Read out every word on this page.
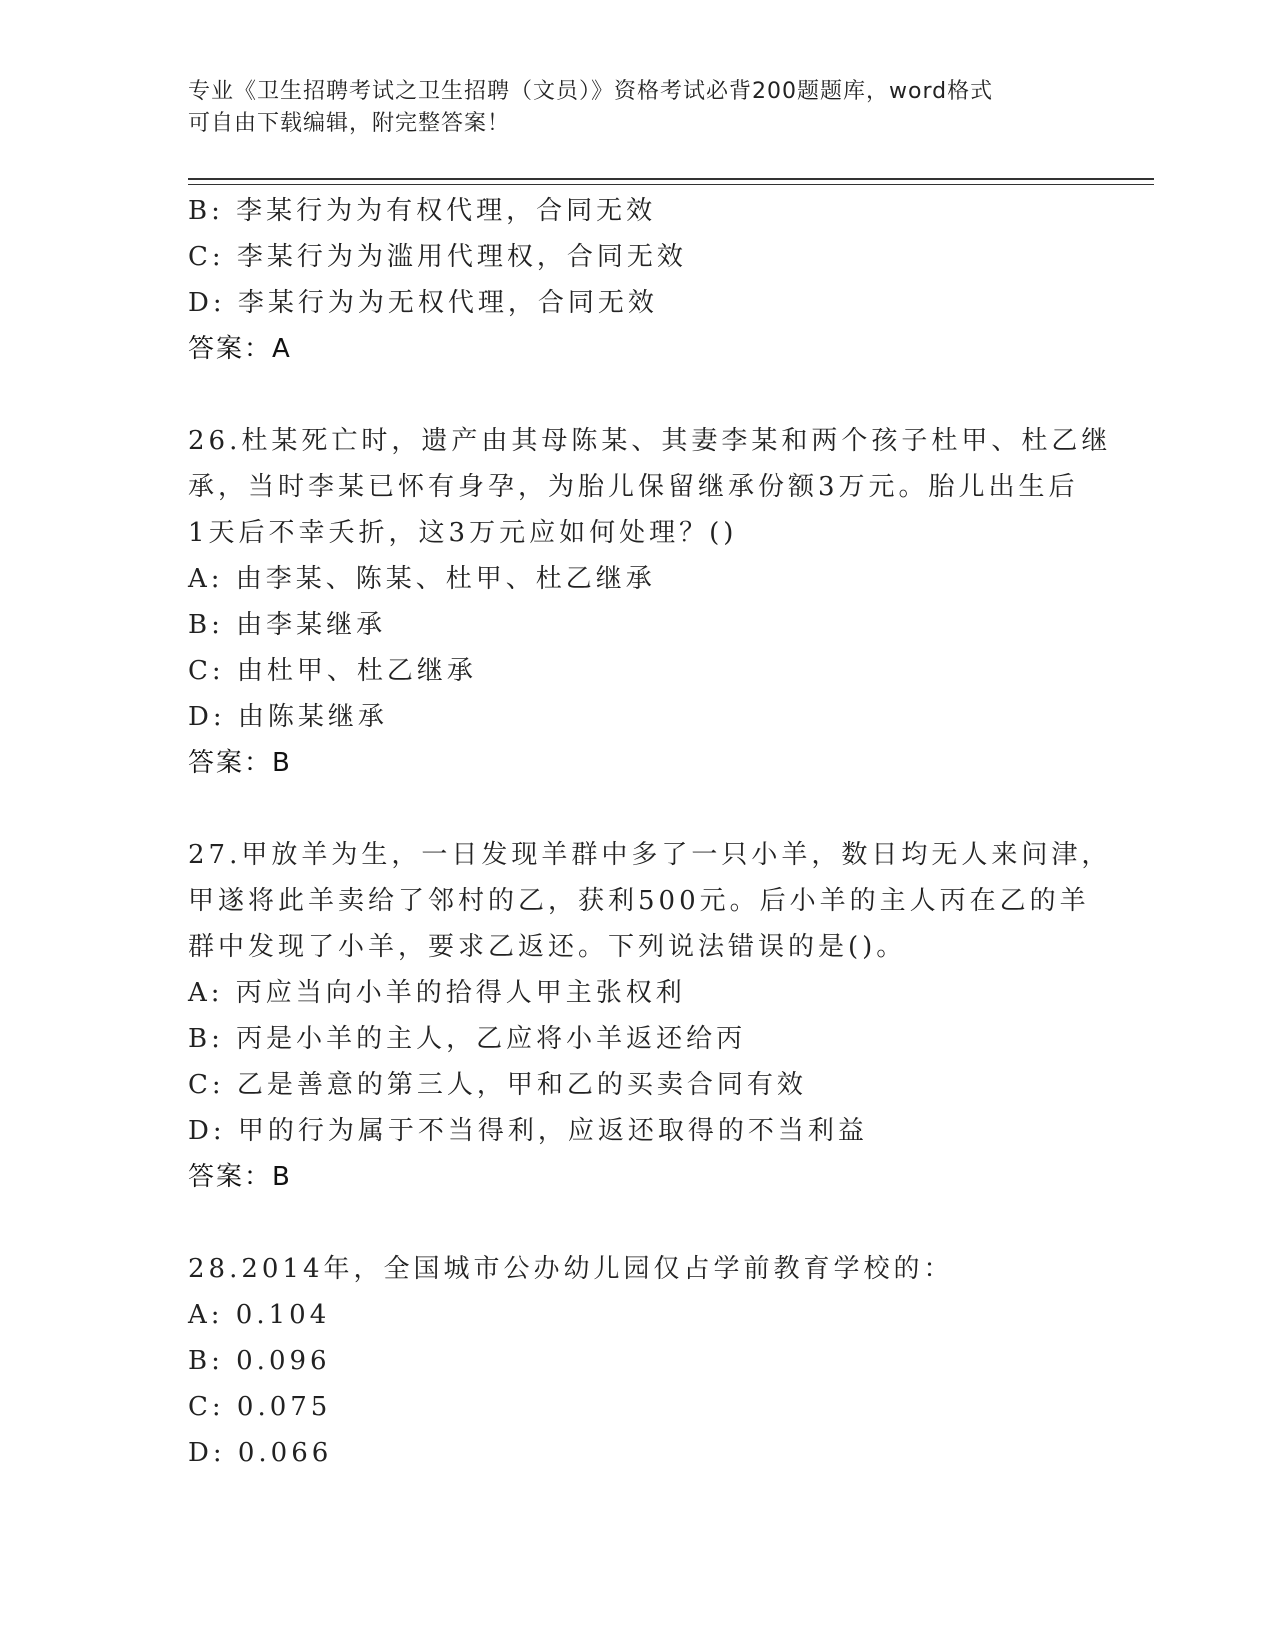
专业《卫生招聘考试之卫生招聘（文员）》资格考试必背200题题库，word格式
可自由下载编辑，附完整答案！
B: 李某行为为有权代理，合同无效
C: 李某行为为滥用代理权，合同无效
D: 李某行为为无权代理，合同无效
答案：A
26.杜某死亡时，遗产由其母陈某、其妻李某和两个孩子杜甲、杜乙继
承，当时李某已怀有身孕，为胎儿保留继承份额3万元。胎儿出生后
1天后不幸夭折，这3万元应如何处理？()
A: 由李某、陈某、杜甲、杜乙继承
B: 由李某继承
C: 由杜甲、杜乙继承
D: 由陈某继承
答案：B
27.甲放羊为生，一日发现羊群中多了一只小羊，数日均无人来问津，
甲遂将此羊卖给了邻村的乙，获利500元。后小羊的主人丙在乙的羊
群中发现了小羊，要求乙返还。下列说法错误的是()。
A: 丙应当向小羊的拾得人甲主张权利
B: 丙是小羊的主人，乙应将小羊返还给丙
C: 乙是善意的第三人，甲和乙的买卖合同有效
D: 甲的行为属于不当得利，应返还取得的不当利益
答案：B
28.2014年，全国城市公办幼儿园仅占学前教育学校的：
A: 0.104
B: 0.096
C: 0.075
D: 0.066
